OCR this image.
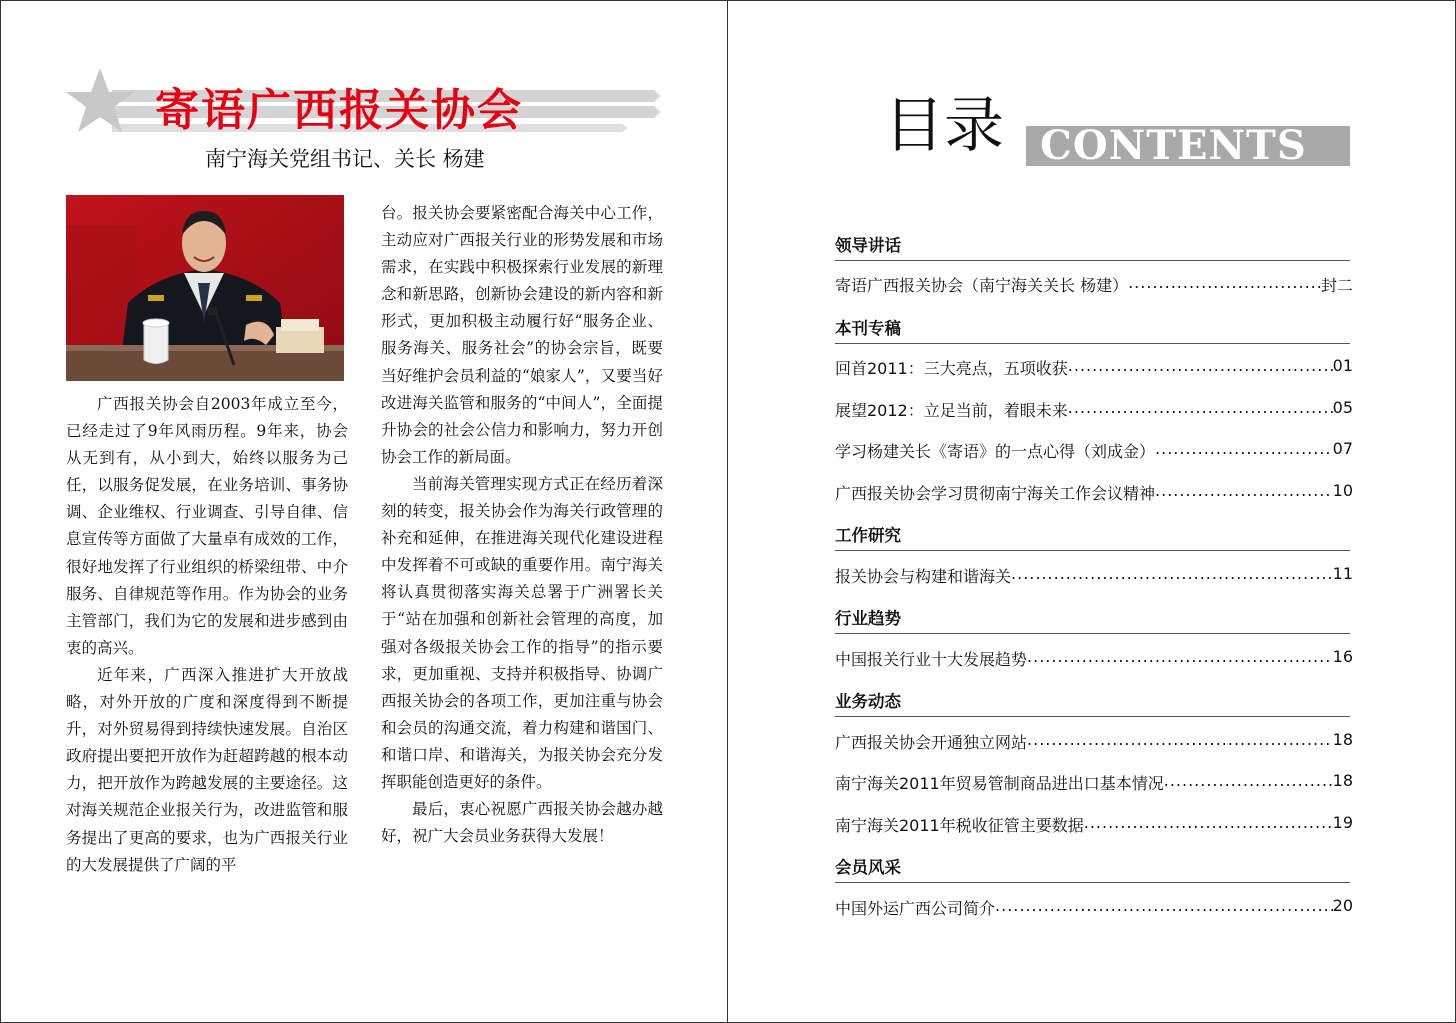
寄语广西报关协会
南宁海关党组书记、关长 杨建

广西报关协会自2003年成立至今，已经走过了9年风雨历程。9年来，协会从无到有，从小到大，始终以服务为己任，以服务促发展，在业务培训、事务协调、企业维权、行业调查、引导自律、信息宣传等方面做了大量卓有成效的工作，很好地发挥了行业组织的桥梁纽带、中介服务、自律规范等作用。作为协会的业务主管部门，我们为它的发展和进步感到由衷的高兴。

近年来，广西深入推进扩大开放战略，对外开放的广度和深度得到不断提升，对外贸易得到持续快速发展。自治区政府提出要把开放作为赶超跨越的根本动力，把开放作为跨越发展的主要途径。这对海关规范企业报关行为，改进监管和服务提出了更高的要求，也为广西报关行业的大发展提供了广阔的平

台。报关协会要紧密配合海关中心工作，主动应对广西报关行业的形势发展和市场需求，在实践中积极探索行业发展的新理念和新思路，创新协会建设的新内容和新形式，更加积极主动履行好“服务企业、服务海关、服务社会”的协会宗旨，既要当好维护会员利益的“娘家人”，又要当好改进海关监管和服务的“中间人”，全面提升协会的社会公信力和影响力，努力开创协会工作的新局面。

当前海关管理实现方式正在经历着深刻的转变，报关协会作为海关行政管理的补充和延伸，在推进海关现代化建设进程中发挥着不可或缺的重要作用。南宁海关将认真贯彻落实海关总署于广洲署长关于“站在加强和创新社会管理的高度，加强对各级报关协会工作的指导”的指示要求，更加重视、支持并积极指导、协调广西报关协会的各项工作，更加注重与协会和会员的沟通交流，着力构建和谐国门、和谐口岸、和谐海关，为报关协会充分发挥职能创造更好的条件。

最后，衷心祝愿广西报关协会越办越好，祝广大会员业务获得大发展！

目录 CONTENTS
领导讲话
寄语广西报关协会（南宁海关关长 杨建） .....	封二
本刊专稿
回首2011：三大亮点，五项收获 .....	01
展望2012：立足当前，着眼未来 .....	05
学习杨建关长《寄语》的一点心得（刘成金） .....	07
广西报关协会学习贯彻南宁海关工作会议精神 .....	10
工作研究
报关协会与构建和谐海关 .....	11
行业趋势
中国报关行业十大发展趋势 .....	16
业务动态
广西报关协会开通独立网站 .....	18
南宁海关2011年贸易管制商品进出口基本情况 .....	18
南宁海关2011年税收征管主要数据 .....	19
会员风采
中国外运广西公司简介 .....	20
